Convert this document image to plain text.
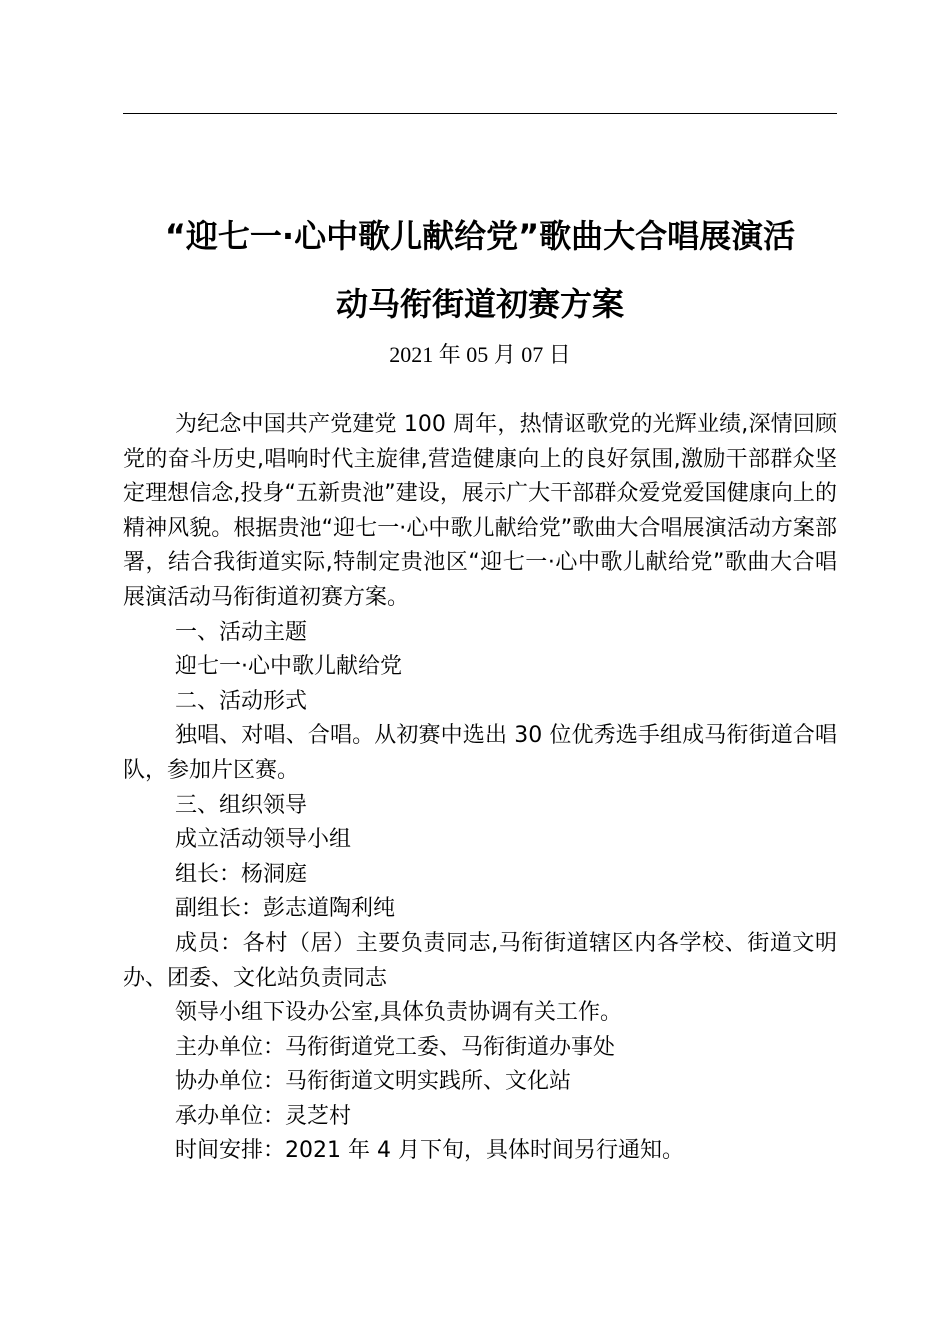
“迎七一·心中歌儿献给党”歌曲大合唱展演活
动马衔街道初赛方案
2021 年 05 月 07 日

为纪念中国共产党建党 100 周年，热情讴歌党的光辉业绩,深情回顾党的奋斗历史,唱响时代主旋律,营造健康向上的良好氛围,激励干部群众坚定理想信念,投身“五新贵池”建设，展示广大干部群众爱党爱国健康向上的精神风貌。根据贵池“迎七一·心中歌儿献给党”歌曲大合唱展演活动方案部署，结合我街道实际,特制定贵池区“迎七一·心中歌儿献给党”歌曲大合唱展演活动马衔街道初赛方案。

一、活动主题

迎七一·心中歌儿献给党

二、活动形式

独唱、对唱、合唱。从初赛中选出 30 位优秀选手组成马衔街道合唱队，参加片区赛。

三、组织领导

成立活动领导小组

组长：杨洞庭

副组长：彭志道陶利纯

成员：各村（居）主要负责同志,马衔街道辖区内各学校、街道文明办、团委、文化站负责同志

领导小组下设办公室,具体负责协调有关工作。

主办单位：马衔街道党工委、马衔街道办事处

协办单位：马衔街道文明实践所、文化站

承办单位：灵芝村

时间安排：2021 年 4 月下旬，具体时间另行通知。
